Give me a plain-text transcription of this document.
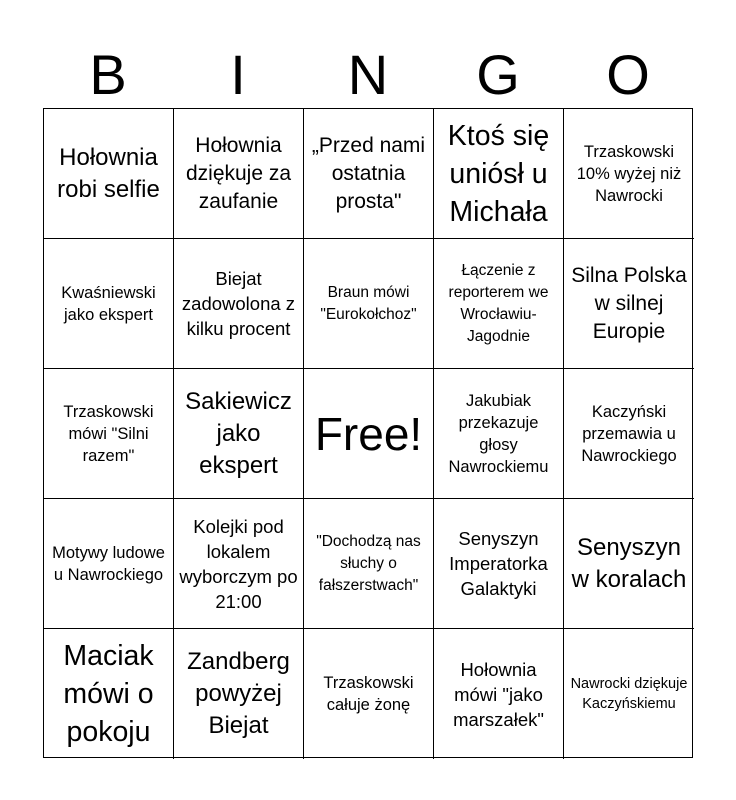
B	I	N	G	O
Hołownia robi selfie
Hołownia dziękuje za zaufanie
„Przed nami ostatnia prosta"
Ktoś się uniósł u Michała
Trzaskowski 10% wyżej niż Nawrocki
Kwaśniewski jako ekspert
Biejat zadowolona z kilku procent
Braun mówi "Eurokołchoz"
Łączenie z reporterem we Wrocławiu-Jagodnie
Silna Polska w silnej Europie
Trzaskowski mówi "Silni razem"
Sakiewicz jako ekspert
Free!
Jakubiak przekazuje głosy Nawrockiemu
Kaczyński przemawia u Nawrockiego
Motywy ludowe u Nawrockiego
Kolejki pod lokalem wyborczym po 21:00
"Dochodzą nas słuchy o fałszerstwach"
Senyszyn Imperatorka Galaktyki
Senyszyn w koralach
Maciak mówi o pokoju
Zandberg powyżej Biejat
Trzaskowski całuje żonę
Hołownia mówi "jako marszałek"
Nawrocki dziękuje Kaczyńskiemu
